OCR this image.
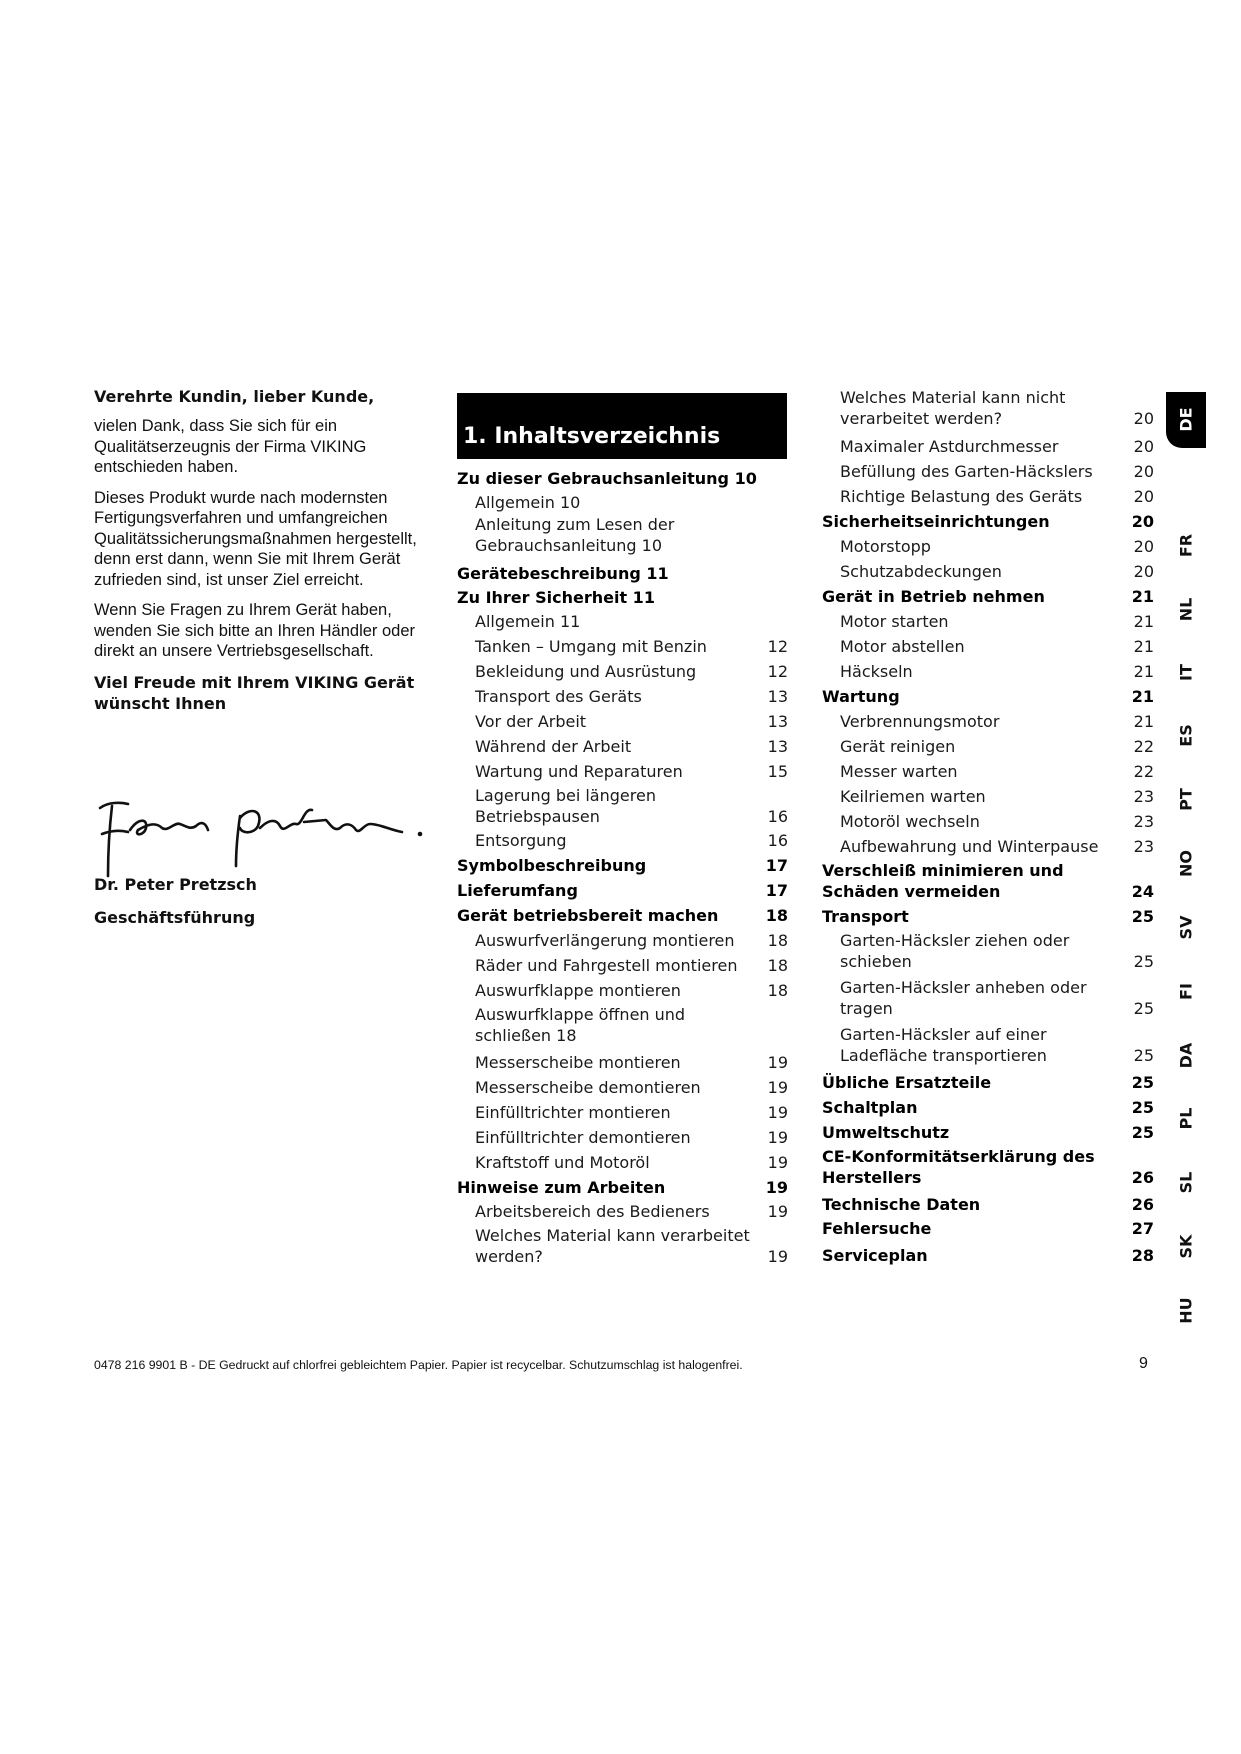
Verehrte Kundin, lieber Kunde,

vielen Dank, dass Sie sich für ein Qualitätserzeugnis der Firma VIKING entschieden haben.

Dieses Produkt wurde nach modernsten Fertigungsverfahren und umfangreichen Qualitätssicherungsmaßnahmen hergestellt, denn erst dann, wenn Sie mit Ihrem Gerät zufrieden sind, ist unser Ziel erreicht.

Wenn Sie Fragen zu Ihrem Gerät haben, wenden Sie sich bitte an Ihren Händler oder direkt an unsere Vertriebsgesellschaft.

Viel Freude mit Ihrem VIKING Gerät wünscht Ihnen

Dr. Peter Pretzsch
Geschäftsführung
1. Inhaltsverzeichnis
Zu dieser Gebrauchsanleitung 10
Allgemein 10
Anleitung zum Lesen der
Gebrauchsanleitung 10
Gerätebeschreibung 11
Zu Ihrer Sicherheit 11
Allgemein 11
Tanken – Umgang mit Benzin	12
Bekleidung und Ausrüstung	12
Transport des Geräts	13
Vor der Arbeit	13
Während der Arbeit	13
Wartung und Reparaturen	15
Lagerung bei längeren
Betriebspausen	16
Entsorgung	16
Symbolbeschreibung	17
Lieferumfang	17
Gerät betriebsbereit machen	18
Auswurfverlängerung montieren	18
Räder und Fahrgestell montieren	18
Auswurfklappe montieren	18
Auswurfklappe öffnen und
schließen 18
Messerscheibe montieren	19
Messerscheibe demontieren	19
Einfülltrichter montieren	19
Einfülltrichter demontieren	19
Kraftstoff und Motoröl	19
Hinweise zum Arbeiten	19
Arbeitsbereich des Bedieners	19
Welches Material kann verarbeitet
werden?	19
Welches Material kann nicht
verarbeitet werden?	20
Maximaler Astdurchmesser	20
Befüllung des Garten-Häckslers	20
Richtige Belastung des Geräts	20
Sicherheitseinrichtungen	20
Motorstopp	20
Schutzabdeckungen	20
Gerät in Betrieb nehmen	21
Motor starten	21
Motor abstellen	21
Häckseln	21
Wartung	21
Verbrennungsmotor	21
Gerät reinigen	22
Messer warten	22
Keilriemen warten	23
Motoröl wechseln	23
Aufbewahrung und Winterpause	23
Verschleiß minimieren und
Schäden vermeiden	24
Transport	25
Garten-Häcksler ziehen oder
schieben	25
Garten-Häcksler anheben oder
tragen	25
Garten-Häcksler auf einer
Ladefläche transportieren	25
Übliche Ersatzteile	25
Schaltplan	25
Umweltschutz	25
CE-Konformitätserklärung des
Herstellers	26
Technische Daten	26
Fehlersuche	27
Serviceplan	28
DE
FR
NL
IT
ES
PT
NO
SV
FI
DA
PL
SL
SK
HU
0478 216 9901 B - DE Gedruckt auf chlorfrei gebleichtem Papier. Papier ist recycelbar. Schutzumschlag ist halogenfrei.	9
